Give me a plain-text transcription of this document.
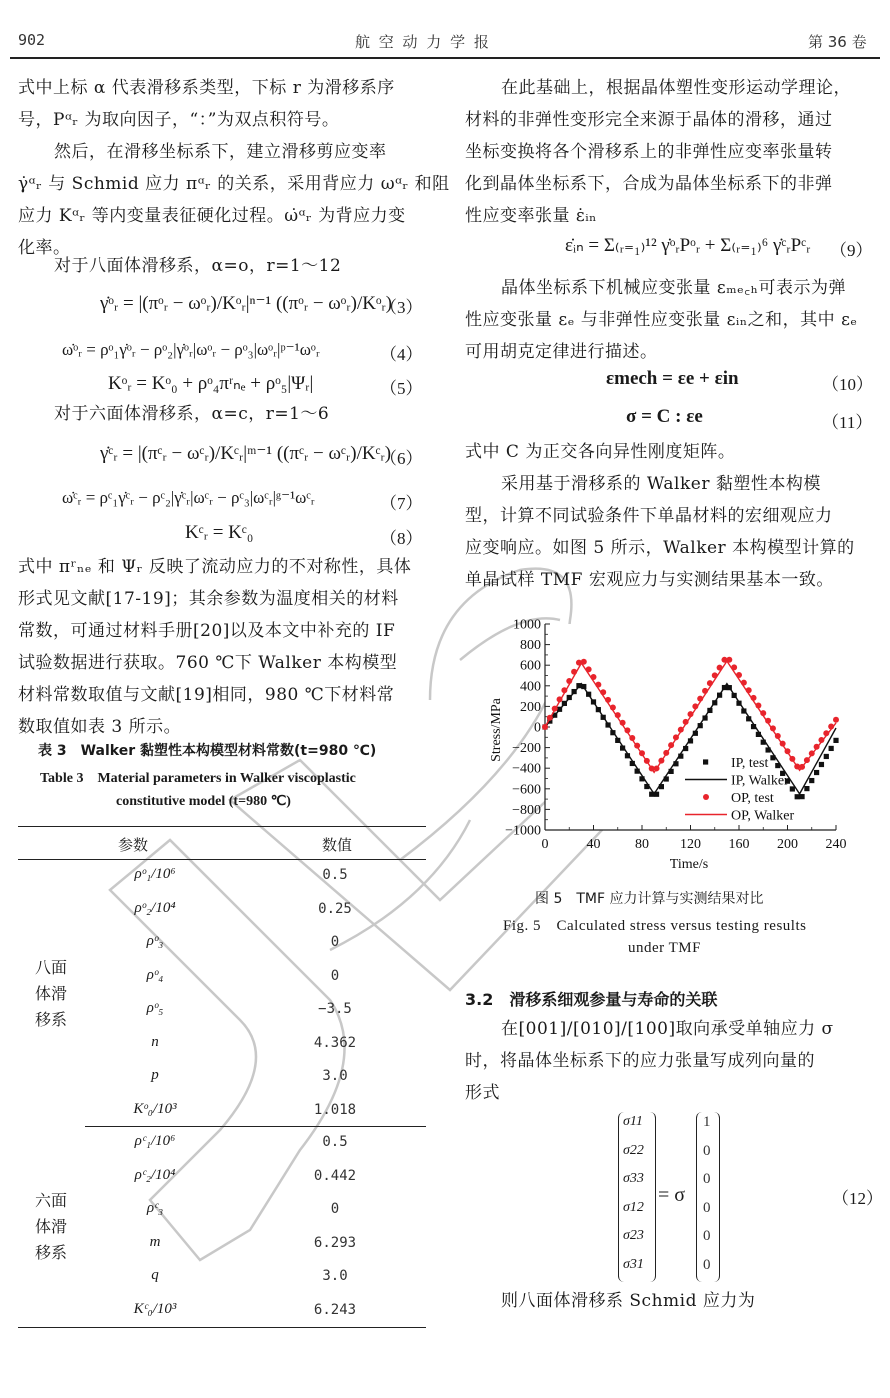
902	航 空 动 力 学 报	第 36 卷
式中上标 α 代表滑移系类型，下标 r 为滑移系序
号，Pᵅᵣ 为取向因子，“：”为双点积符号。
然后，在滑移坐标系下，建立滑移剪应变率
γ̇ᵅᵣ 与 Schmid 应力 πᵅᵣ 的关系，采用背应力 ωᵅᵣ 和阻
应力 Kᵅᵣ 等内变量表征硬化过程。ω̇ᵅᵣ 为背应力变
化率。
对于八面体滑移系，α=o，r=1～12
γ̇ᵒᵣ = |(πᵒᵣ − ωᵒᵣ)/Kᵒᵣ|ⁿ⁻¹ ((πᵒᵣ − ωᵒᵣ)/Kᵒᵣ)
（3）
ω̇ᵒᵣ = ρᵒ₁γ̇ᵒᵣ − ρᵒ₂|γ̇ᵒᵣ|ωᵒᵣ − ρᵒ₃|ωᵒᵣ|ᵖ⁻¹ωᵒᵣ	（4）
Kᵒᵣ = Kᵒ₀ + ρᵒ₄πʳₙₑ + ρᵒ₅|Ψᵣ|	（5）
对于六面体滑移系，α=c，r=1～6
γ̇ᶜᵣ = |(πᶜᵣ − ωᶜᵣ)/Kᶜᵣ|ᵐ⁻¹ ((πᶜᵣ − ωᶜᵣ)/Kᶜᵣ)
（6）
ω̇ᶜᵣ = ρᶜ₁γ̇ᶜᵣ − ρᶜ₂|γ̇ᶜᵣ|ωᶜᵣ − ρᶜ₃|ωᶜᵣ|ᵍ⁻¹ωᶜᵣ	（7）
Kᶜᵣ = Kᶜ₀	（8）
式中 πʳₙₑ 和 Ψᵣ 反映了流动应力的不对称性，具体
形式见文献[17-19]；其余参数为温度相关的材料
常数，可通过材料手册[20]以及本文中补充的 IF
试验数据进行获取。760 ℃下 Walker 本构模型
材料常数取值与文献[19]相同，980 ℃下材料常
数取值如表 3 所示。
表 3　Walker 黏塑性本构模型材料常数(t=980 ℃)
Table 3　Material parameters in Walker viscoplastic
constitutive model (t=980 ℃)
参数	数值
八面
体滑
移系
ρᵒ₁/10⁶	0.5
ρᵒ₂/10⁴	0.25
ρᵒ₃	0
ρᵒ₄	0
ρᵒ₅	−3.5
n	4.362
p	3.0
Kᵒ₀/10³	1.018
六面
体滑
移系
ρᶜ₁/10⁶	0.5
ρᶜ₂/10⁴	0.442
ρᶜ₃	0
m	6.293
q	3.0
Kᶜ₀/10³	6.243
在此基础上，根据晶体塑性变形运动学理论，
材料的非弹性变形完全来源于晶体的滑移，通过
坐标变换将各个滑移系上的非弹性应变率张量转
化到晶体坐标系下，合成为晶体坐标系下的非弹
性应变率张量 ε̇ᵢₙ
ε̇ᵢₙ = Σ₍ᵣ₌₁₎¹² γ̇ᵒᵣPᵒᵣ + Σ₍ᵣ₌₁₎⁶ γ̇ᶜᵣPᶜᵣ （9）
晶体坐标系下机械应变张量 εₘₑ꜀ₕ可表示为弹
性应变张量 εₑ 与非弹性应变张量 εᵢₙ之和，其中 εₑ
可用胡克定律进行描述。
εmech = εe + εin	（10）
σ = C : εe	（11）
式中 C 为正交各向异性刚度矩阵。
采用基于滑移系的 Walker 黏塑性本构模
型，计算不同试验条件下单晶材料的宏细观应力
应变响应。如图 5 所示，Walker 本构模型计算的
单晶试样 TMF 宏观应力与实测结果基本一致。
1000
800
600
400
200
0
−200
−400
−600
−800
−1000
0	40 80 120 160 200 240
IP, test
IP, Walker
OP, test
OP, Walker
Time/s
Stress/MPa
图 5　TMF 应力计算与实测结果对比
Fig. 5　Calculated stress versus testing results
under TMF
3.2　滑移系细观参量与寿命的关联
在[001]/[010]/[100]取向承受单轴应力 σ
时，将晶体坐标系下的应力张量写成列向量的
形式
σ11
σ22
σ33
σ12
σ23
σ31
= σ
1
0
0
0
0
0
（12）
则八面体滑移系 Schmid 应力为
